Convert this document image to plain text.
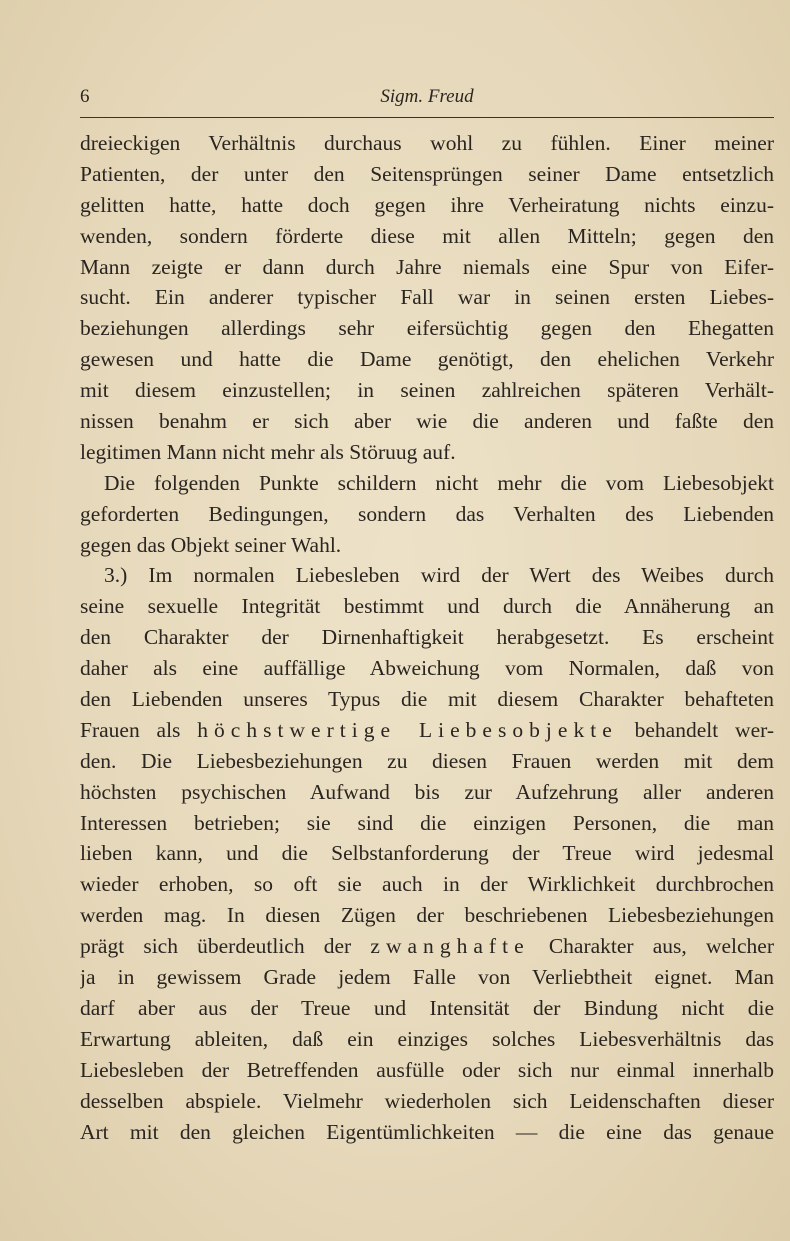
6	Sigm. Freud
dreieckigen Verhältnis durchaus wohl zu fühlen. Einer meiner
Patienten, der unter den Seitensprüngen seiner Dame entsetzlich
gelitten hatte, hatte doch gegen ihre Verheiratung nichts einzu-
wenden, sondern förderte diese mit allen Mitteln; gegen den
Mann zeigte er dann durch Jahre niemals eine Spur von Eifer-
sucht. Ein anderer typischer Fall war in seinen ersten Liebes-
beziehungen allerdings sehr eifersüchtig gegen den Ehegatten
gewesen und hatte die Dame genötigt, den ehelichen Verkehr
mit diesem einzustellen; in seinen zahlreichen späteren Verhält-
nissen benahm er sich aber wie die anderen und faßte den
legitimen Mann nicht mehr als Störuug auf.
Die folgenden Punkte schildern nicht mehr die vom Liebesobjekt
geforderten Bedingungen, sondern das Verhalten des Liebenden
gegen das Objekt seiner Wahl.
3.) Im normalen Liebesleben wird der Wert des Weibes durch
seine sexuelle Integrität bestimmt und durch die Annäherung an
den Charakter der Dirnenhaftigkeit herabgesetzt. Es erscheint
daher als eine auffällige Abweichung vom Normalen, daß von
den Liebenden unseres Typus die mit diesem Charakter behafteten
Frauen als höchstwertige Liebesobjekte behandelt wer-
den. Die Liebesbeziehungen zu diesen Frauen werden mit dem
höchsten psychischen Aufwand bis zur Aufzehrung aller anderen
Interessen betrieben; sie sind die einzigen Personen, die man
lieben kann, und die Selbstanforderung der Treue wird jedesmal
wieder erhoben, so oft sie auch in der Wirklichkeit durchbrochen
werden mag. In diesen Zügen der beschriebenen Liebesbeziehungen
prägt sich überdeutlich der zwanghafte Charakter aus, welcher
ja in gewissem Grade jedem Falle von Verliebtheit eignet. Man
darf aber aus der Treue und Intensität der Bindung nicht die
Erwartung ableiten, daß ein einziges solches Liebesverhältnis das
Liebesleben der Betreffenden ausfülle oder sich nur einmal innerhalb
desselben abspiele. Vielmehr wiederholen sich Leidenschaften dieser
Art mit den gleichen Eigentümlichkeiten — die eine das genaue
